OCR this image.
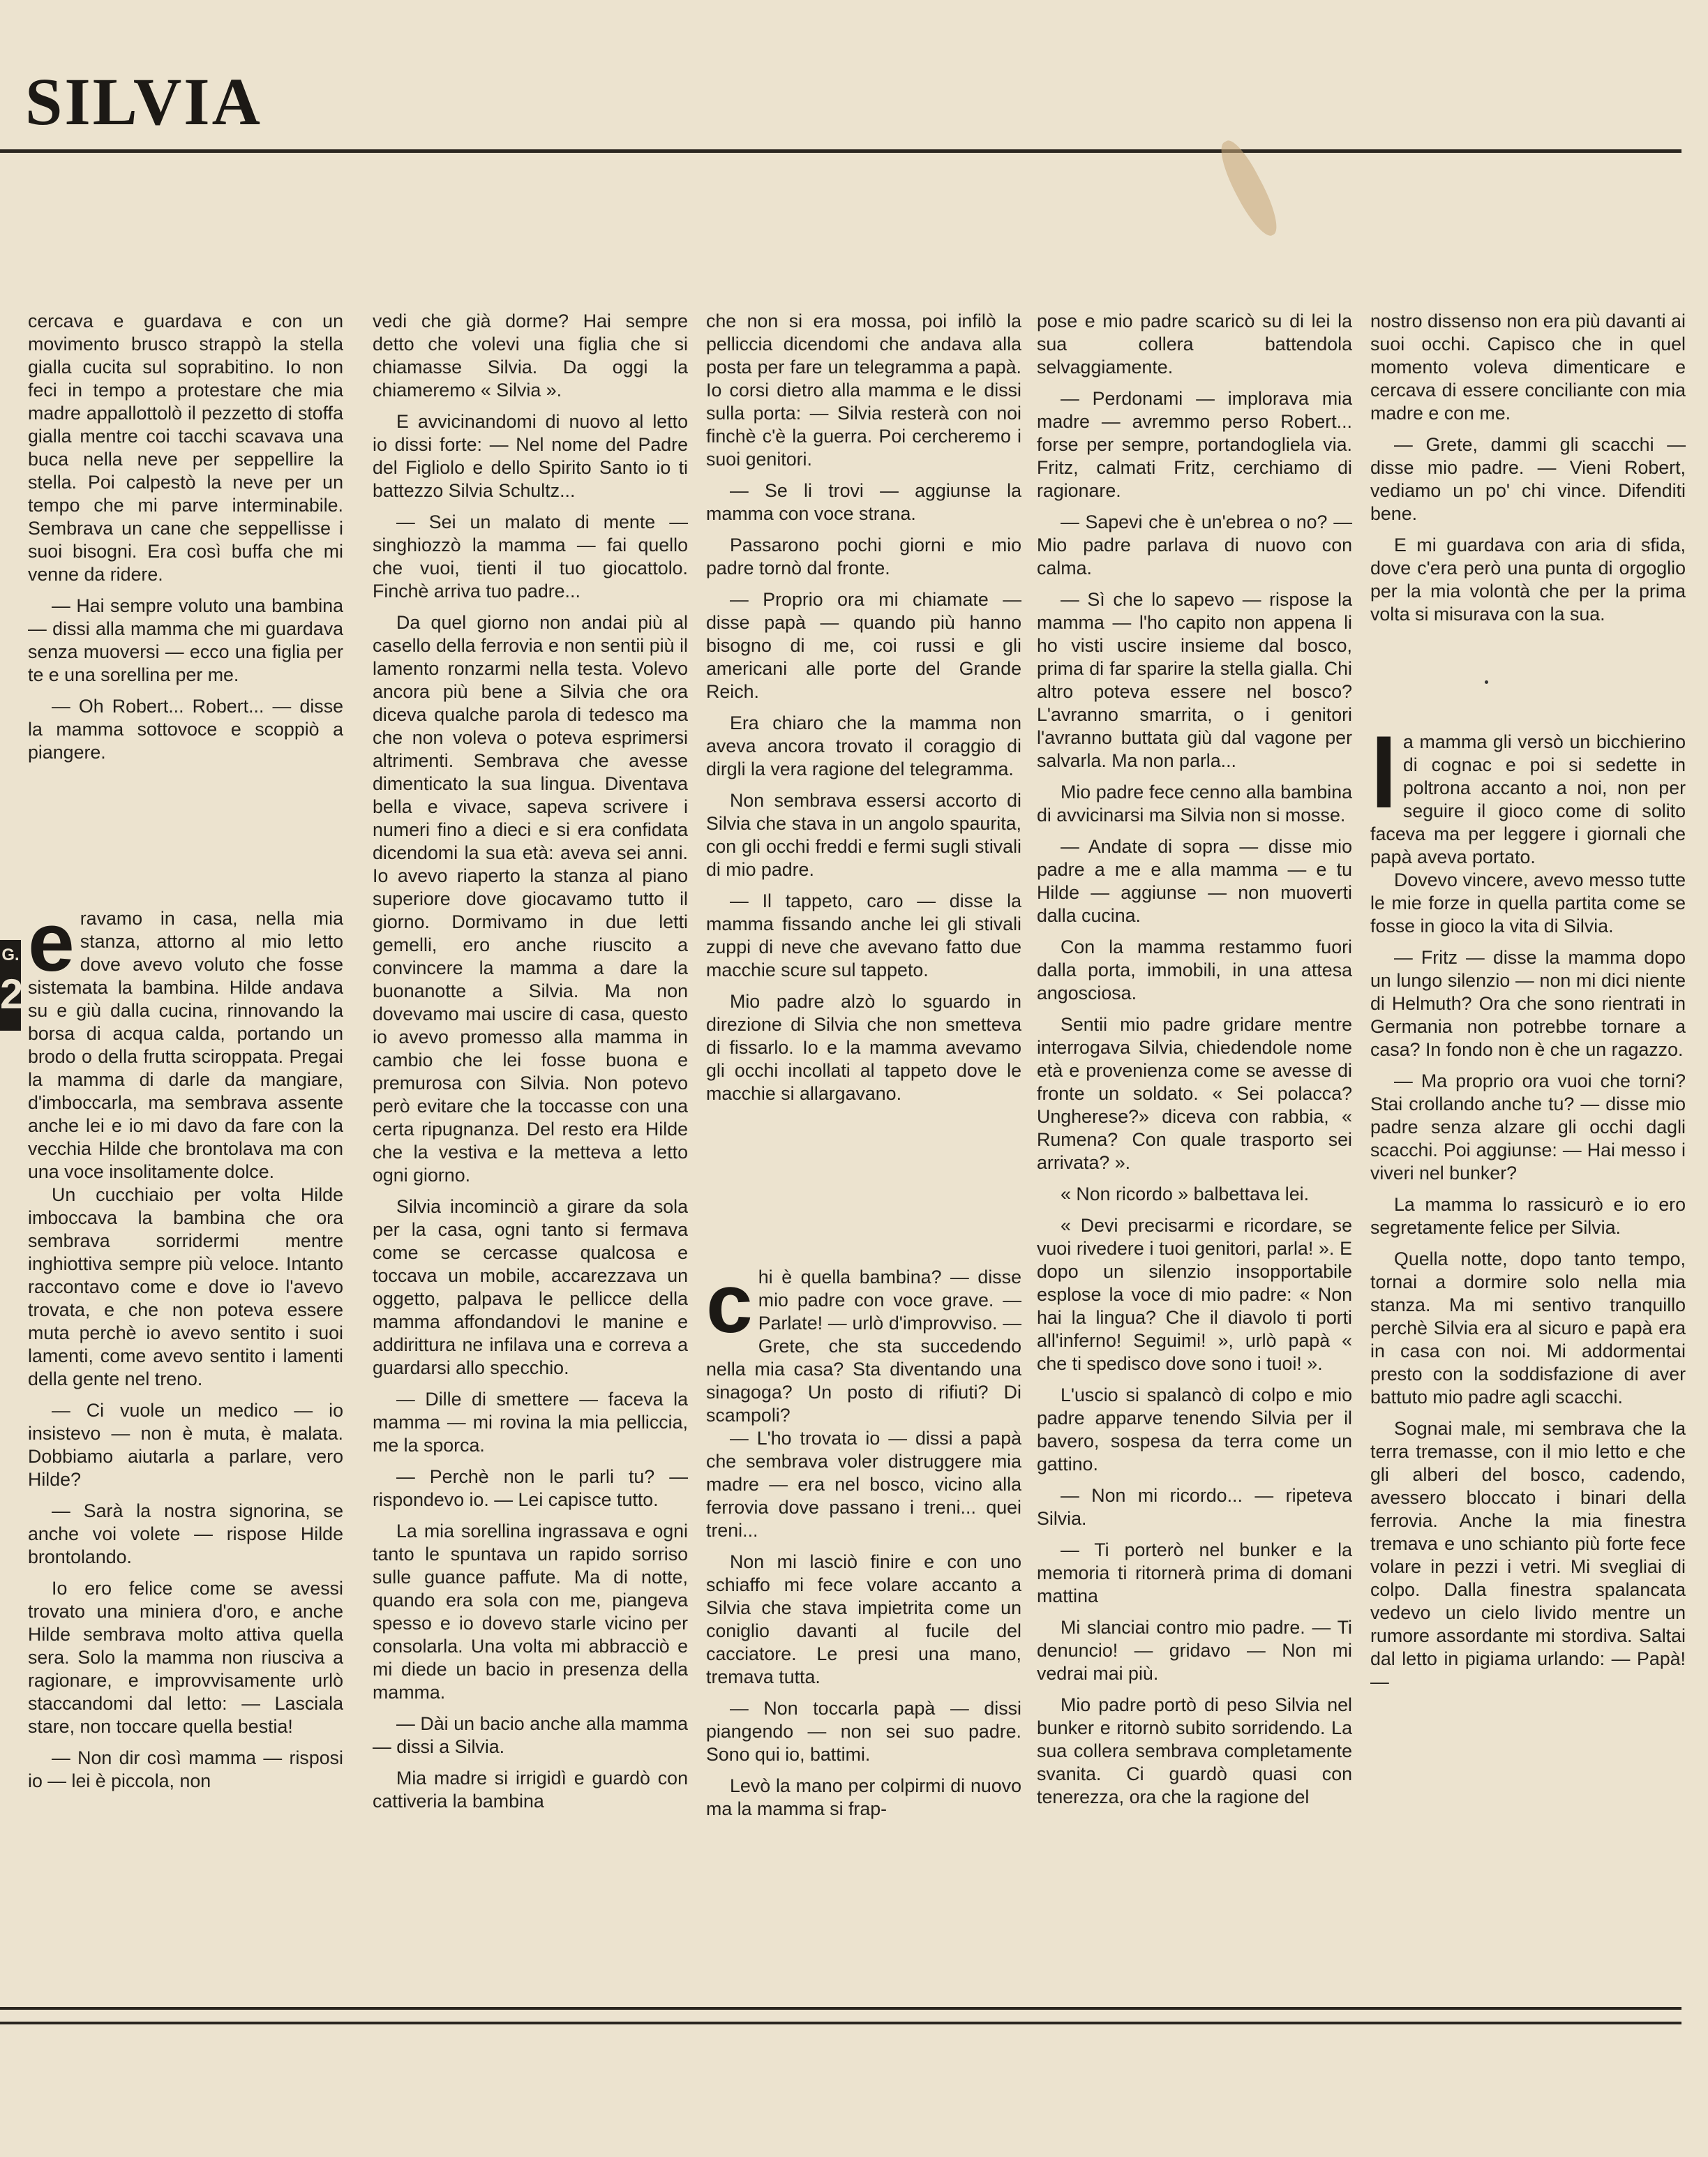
SILVIA
G.
2

cercava e guardava e con un movimento brusco strappò la stella gialla cucita sul soprabitino. Io non feci in tempo a protestare che mia madre appallottolò il pezzetto di stoffa gialla mentre coi tacchi scavava una buca nella neve per seppellire la stella. Poi calpestò la neve per un tempo che mi parve interminabile. Sembrava un cane che seppellisse i suoi bisogni. Era così buffa che mi venne da ridere.

— Hai sempre voluto una bambina — dissi alla mamma che mi guardava senza muoversi — ecco una figlia per te e una sorellina per me.

— Oh Robert... Robert... — disse la mamma sottovoce e scoppiò a piangere.

eravamo in casa, nella mia stanza, attorno al mio letto dove avevo voluto che fosse sistemata la bambina. Hilde andava su e giù dalla cucina, rinnovando la borsa di acqua calda, portando un brodo o della frutta sciroppata. Pregai la mamma di darle da mangiare, d'imboccarla, ma sembrava assente anche lei e io mi davo da fare con la vecchia Hilde che brontolava ma con una voce insolitamente dolce.

Un cucchiaio per volta Hilde imboccava la bambina che ora sembrava sorridermi mentre inghiottiva sempre più veloce. Intanto raccontavo come e dove io l'avevo trovata, e che non poteva essere muta perchè io avevo sentito i suoi lamenti, come avevo sentito i lamenti della gente nel treno.

— Ci vuole un medico — io insistevo — non è muta, è malata. Dobbiamo aiutarla a parlare, vero Hilde?

— Sarà la nostra signorina, se anche voi volete — rispose Hilde brontolando.

Io ero felice come se avessi trovato una miniera d'oro, e anche Hilde sembrava molto attiva quella sera. Solo la mamma non riusciva a ragionare, e improvvisamente urlò staccandomi dal letto: — Lasciala stare, non toccare quella bestia!

— Non dir così mamma — risposi io — lei è piccola, non

vedi che già dorme? Hai sempre detto che volevi una figlia che si chiamasse Silvia. Da oggi la chiameremo « Silvia ».

E avvicinandomi di nuovo al letto io dissi forte: — Nel nome del Padre del Figliolo e dello Spirito Santo io ti battezzo Silvia Schultz...

— Sei un malato di mente — singhiozzò la mamma — fai quello che vuoi, tienti il tuo giocattolo. Finchè arriva tuo padre...

Da quel giorno non andai più al casello della ferrovia e non sentii più il lamento ronzarmi nella testa. Volevo ancora più bene a Silvia che ora diceva qualche parola di tedesco ma che non voleva o poteva esprimersi altrimenti. Sembrava che avesse dimenticato la sua lingua. Diventava bella e vivace, sapeva scrivere i numeri fino a dieci e si era confidata dicendomi la sua età: aveva sei anni. Io avevo riaperto la stanza al piano superiore dove giocavamo tutto il giorno. Dormivamo in due letti gemelli, ero anche riuscito a convincere la mamma a dare la buonanotte a Silvia. Ma non dovevamo mai uscire di casa, questo io avevo promesso alla mamma in cambio che lei fosse buona e premurosa con Silvia. Non potevo però evitare che la toccasse con una certa ripugnanza. Del resto era Hilde che la vestiva e la metteva a letto ogni giorno.

Silvia incominciò a girare da sola per la casa, ogni tanto si fermava come se cercasse qualcosa e toccava un mobile, accarezzava un oggetto, palpava le pellicce della mamma affondandovi le manine e addirittura ne infilava una e correva a guardarsi allo specchio.

— Dille di smettere — faceva la mamma — mi rovina la mia pelliccia, me la sporca.

— Perchè non le parli tu? — rispondevo io. — Lei capisce tutto.

La mia sorellina ingrassava e ogni tanto le spuntava un rapido sorriso sulle guance paffute. Ma di notte, quando era sola con me, piangeva spesso e io dovevo starle vicino per consolarla. Una volta mi abbracciò e mi diede un bacio in presenza della mamma.

— Dài un bacio anche alla mamma — dissi a Silvia.

Mia madre si irrigidì e guardò con cattiveria la bambina

che non si era mossa, poi infilò la pelliccia dicendomi che andava alla posta per fare un telegramma a papà. Io corsi dietro alla mamma e le dissi sulla porta: — Silvia resterà con noi finchè c'è la guerra. Poi cercheremo i suoi genitori.

— Se li trovi — aggiunse la mamma con voce strana.

Passarono pochi giorni e mio padre tornò dal fronte.

— Proprio ora mi chiamate — disse papà — quando più hanno bisogno di me, coi russi e gli americani alle porte del Grande Reich.

Era chiaro che la mamma non aveva ancora trovato il coraggio di dirgli la vera ragione del telegramma.

Non sembrava essersi accorto di Silvia che stava in un angolo spaurita, con gli occhi freddi e fermi sugli stivali di mio padre.

— Il tappeto, caro — disse la mamma fissando anche lei gli stivali zuppi di neve che avevano fatto due macchie scure sul tappeto.

Mio padre alzò lo sguardo in direzione di Silvia che non smetteva di fissarlo. Io e la mamma avevamo gli occhi incollati al tappeto dove le macchie si allargavano.

chi è quella bambina? — disse mio padre con voce grave. — Parlate! — urlò d'improvviso. — Grete, che sta succedendo nella mia casa? Sta diventando una sinagoga? Un posto di rifiuti? Di scampoli?

— L'ho trovata io — dissi a papà che sembrava voler distruggere mia madre — era nel bosco, vicino alla ferrovia dove passano i treni... quei treni...

Non mi lasciò finire e con uno schiaffo mi fece volare accanto a Silvia che stava impietrita come un coniglio davanti al fucile del cacciatore. Le presi una mano, tremava tutta.

— Non toccarla papà — dissi piangendo — non sei suo padre. Sono qui io, battimi.

Levò la mano per colpirmi di nuovo ma la mamma si frap-

pose e mio padre scaricò su di lei la sua collera battendola selvaggiamente.

— Perdonami — implorava mia madre — avremmo perso Robert... forse per sempre, portandogliela via. Fritz, calmati Fritz, cerchiamo di ragionare.

— Sapevi che è un'ebrea o no? — Mio padre parlava di nuovo con calma.

— Sì che lo sapevo — rispose la mamma — l'ho capito non appena li ho visti uscire insieme dal bosco, prima di far sparire la stella gialla. Chi altro poteva essere nel bosco? L'avranno smarrita, o i genitori l'avranno buttata giù dal vagone per salvarla. Ma non parla...

Mio padre fece cenno alla bambina di avvicinarsi ma Silvia non si mosse.

— Andate di sopra — disse mio padre a me e alla mamma — e tu Hilde — aggiunse — non muoverti dalla cucina.

Con la mamma restammo fuori dalla porta, immobili, in una attesa angosciosa.

Sentii mio padre gridare mentre interrogava Silvia, chiedendole nome età e provenienza come se avesse di fronte un soldato. « Sei polacca? Ungherese?» diceva con rabbia, « Rumena? Con quale trasporto sei arrivata? ».

« Non ricordo » balbettava lei.

« Devi precisarmi e ricordare, se vuoi rivedere i tuoi genitori, parla! ». E dopo un silenzio insopportabile esplose la voce di mio padre: « Non hai la lingua? Che il diavolo ti porti all'inferno! Seguimi! », urlò papà « che ti spedisco dove sono i tuoi! ».

L'uscio si spalancò di colpo e mio padre apparve tenendo Silvia per il bavero, sospesa da terra come un gattino.

— Non mi ricordo... — ripeteva Silvia.

— Ti porterò nel bunker e la memoria ti ritornerà prima di domani mattina

Mi slanciai contro mio padre. — Ti denuncio! — gridavo — Non mi vedrai mai più.

Mio padre portò di peso Silvia nel bunker e ritornò subito sorridendo. La sua collera sembrava completamente svanita. Ci guardò quasi con tenerezza, ora che la ragione del

nostro dissenso non era più davanti ai suoi occhi. Capisco che in quel momento voleva dimenticare e cercava di essere conciliante con mia madre e con me.

— Grete, dammi gli scacchi — disse mio padre. — Vieni Robert, vediamo un po' chi vince. Difenditi bene.

E mi guardava con aria di sfida, dove c'era però una punta di orgoglio per la mia volontà che per la prima volta si misurava con la sua.

la mamma gli versò un bicchierino di cognac e poi si sedette in poltrona accanto a noi, non per seguire il gioco come di solito faceva ma per leggere i giornali che papà aveva portato.

Dovevo vincere, avevo messo tutte le mie forze in quella partita come se fosse in gioco la vita di Silvia.

— Fritz — disse la mamma dopo un lungo silenzio — non mi dici niente di Helmuth? Ora che sono rientrati in Germania non potrebbe tornare a casa? In fondo non è che un ragazzo.

— Ma proprio ora vuoi che torni? Stai crollando anche tu? — disse mio padre senza alzare gli occhi dagli scacchi. Poi aggiunse: — Hai messo i viveri nel bunker?

La mamma lo rassicurò e io ero segretamente felice per Silvia.

Quella notte, dopo tanto tempo, tornai a dormire solo nella mia stanza. Ma mi sentivo tranquillo perchè Silvia era al sicuro e papà era in casa con noi. Mi addormentai presto con la soddisfazione di aver battuto mio padre agli scacchi.

Sognai male, mi sembrava che la terra tremasse, con il mio letto e che gli alberi del bosco, cadendo, avessero bloccato i binari della ferrovia. Anche la mia finestra tremava e uno schianto più forte fece volare in pezzi i vetri. Mi svegliai di colpo. Dalla finestra spalancata vedevo un cielo livido mentre un rumore assordante mi stordiva. Saltai dal letto in pigiama urlando: — Papà! —
